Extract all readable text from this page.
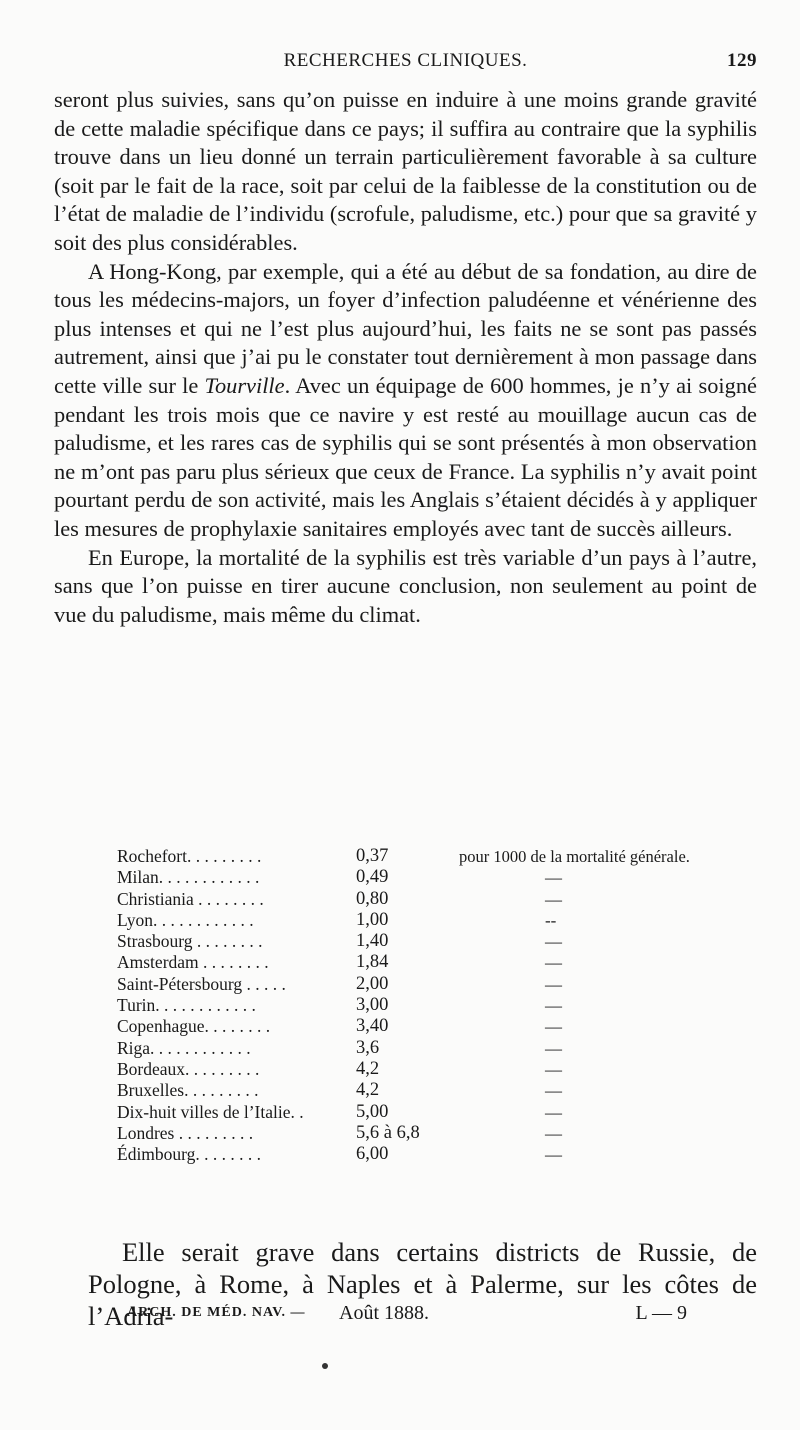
RECHERCHES CLINIQUES.	129

seront plus suivies, sans qu’on puisse en induire à une moins grande gravité de cette maladie spécifique dans ce pays; il suffira au contraire que la syphilis trouve dans un lieu donné un terrain particulièrement favorable à sa culture (soit par le fait de la race, soit par celui de la faiblesse de la constitution ou de l’état de maladie de l’individu (scrofule, paludisme, etc.) pour que sa gravité y soit des plus considérables.

A Hong-Kong, par exemple, qui a été au début de sa fondation, au dire de tous les médecins-majors, un foyer d’infection paludéenne et vénérienne des plus intenses et qui ne l’est plus aujourd’hui, les faits ne se sont pas passés autrement, ainsi que j’ai pu le constater tout dernièrement à mon passage dans cette ville sur le Tourville. Avec un équipage de 600 hommes, je n’y ai soigné pendant les trois mois que ce navire y est resté au mouillage aucun cas de paludisme, et les rares cas de syphilis qui se sont présentés à mon observation ne m’ont pas paru plus sérieux que ceux de France. La syphilis n’y avait point pourtant perdu de son activité, mais les Anglais s’étaient décidés à y appliquer les mesures de prophylaxie sanitaires employés avec tant de succès ailleurs.

En Europe, la mortalité de la syphilis est très variable d’un pays à l’autre, sans que l’on puisse en tirer aucune conclusion, non seulement au point de vue du paludisme, mais même du climat.

Rochefort. . . . . . . . .	0,37	pour 1000 de la mortalité générale.
Milan. . . . . . . . . . . .	0,49	—
Christiania . . . . . . . .	0,80	—
Lyon. . . . . . . . . . . .	1,00	--
Strasbourg . . . . . . . .	1,40	—
Amsterdam . . . . . . . .	1,84	—
Saint-Pétersbourg . . . . .	2,00	—
Turin. . . . . . . . . . . .	3,00	—
Copenhague. . . . . . . .	3,40	—
Riga. . . . . . . . . . . .	3,6	—
Bordeaux. . . . . . . . .	4,2	—
Bruxelles. . . . . . . . .	4,2	—
Dix-huit villes de l’Italie. .	5,00	—
Londres . . . . . . . . .	5,6 à 6,8	—
Édimbourg. . . . . . . .	6,00	—

Elle serait grave dans certains districts de Russie, de Pologne, à Rome, à Naples et à Palerme, sur les côtes de l’Adria-

ARCH. DE MÉD. NAV. — Août 1888.	L — 9
